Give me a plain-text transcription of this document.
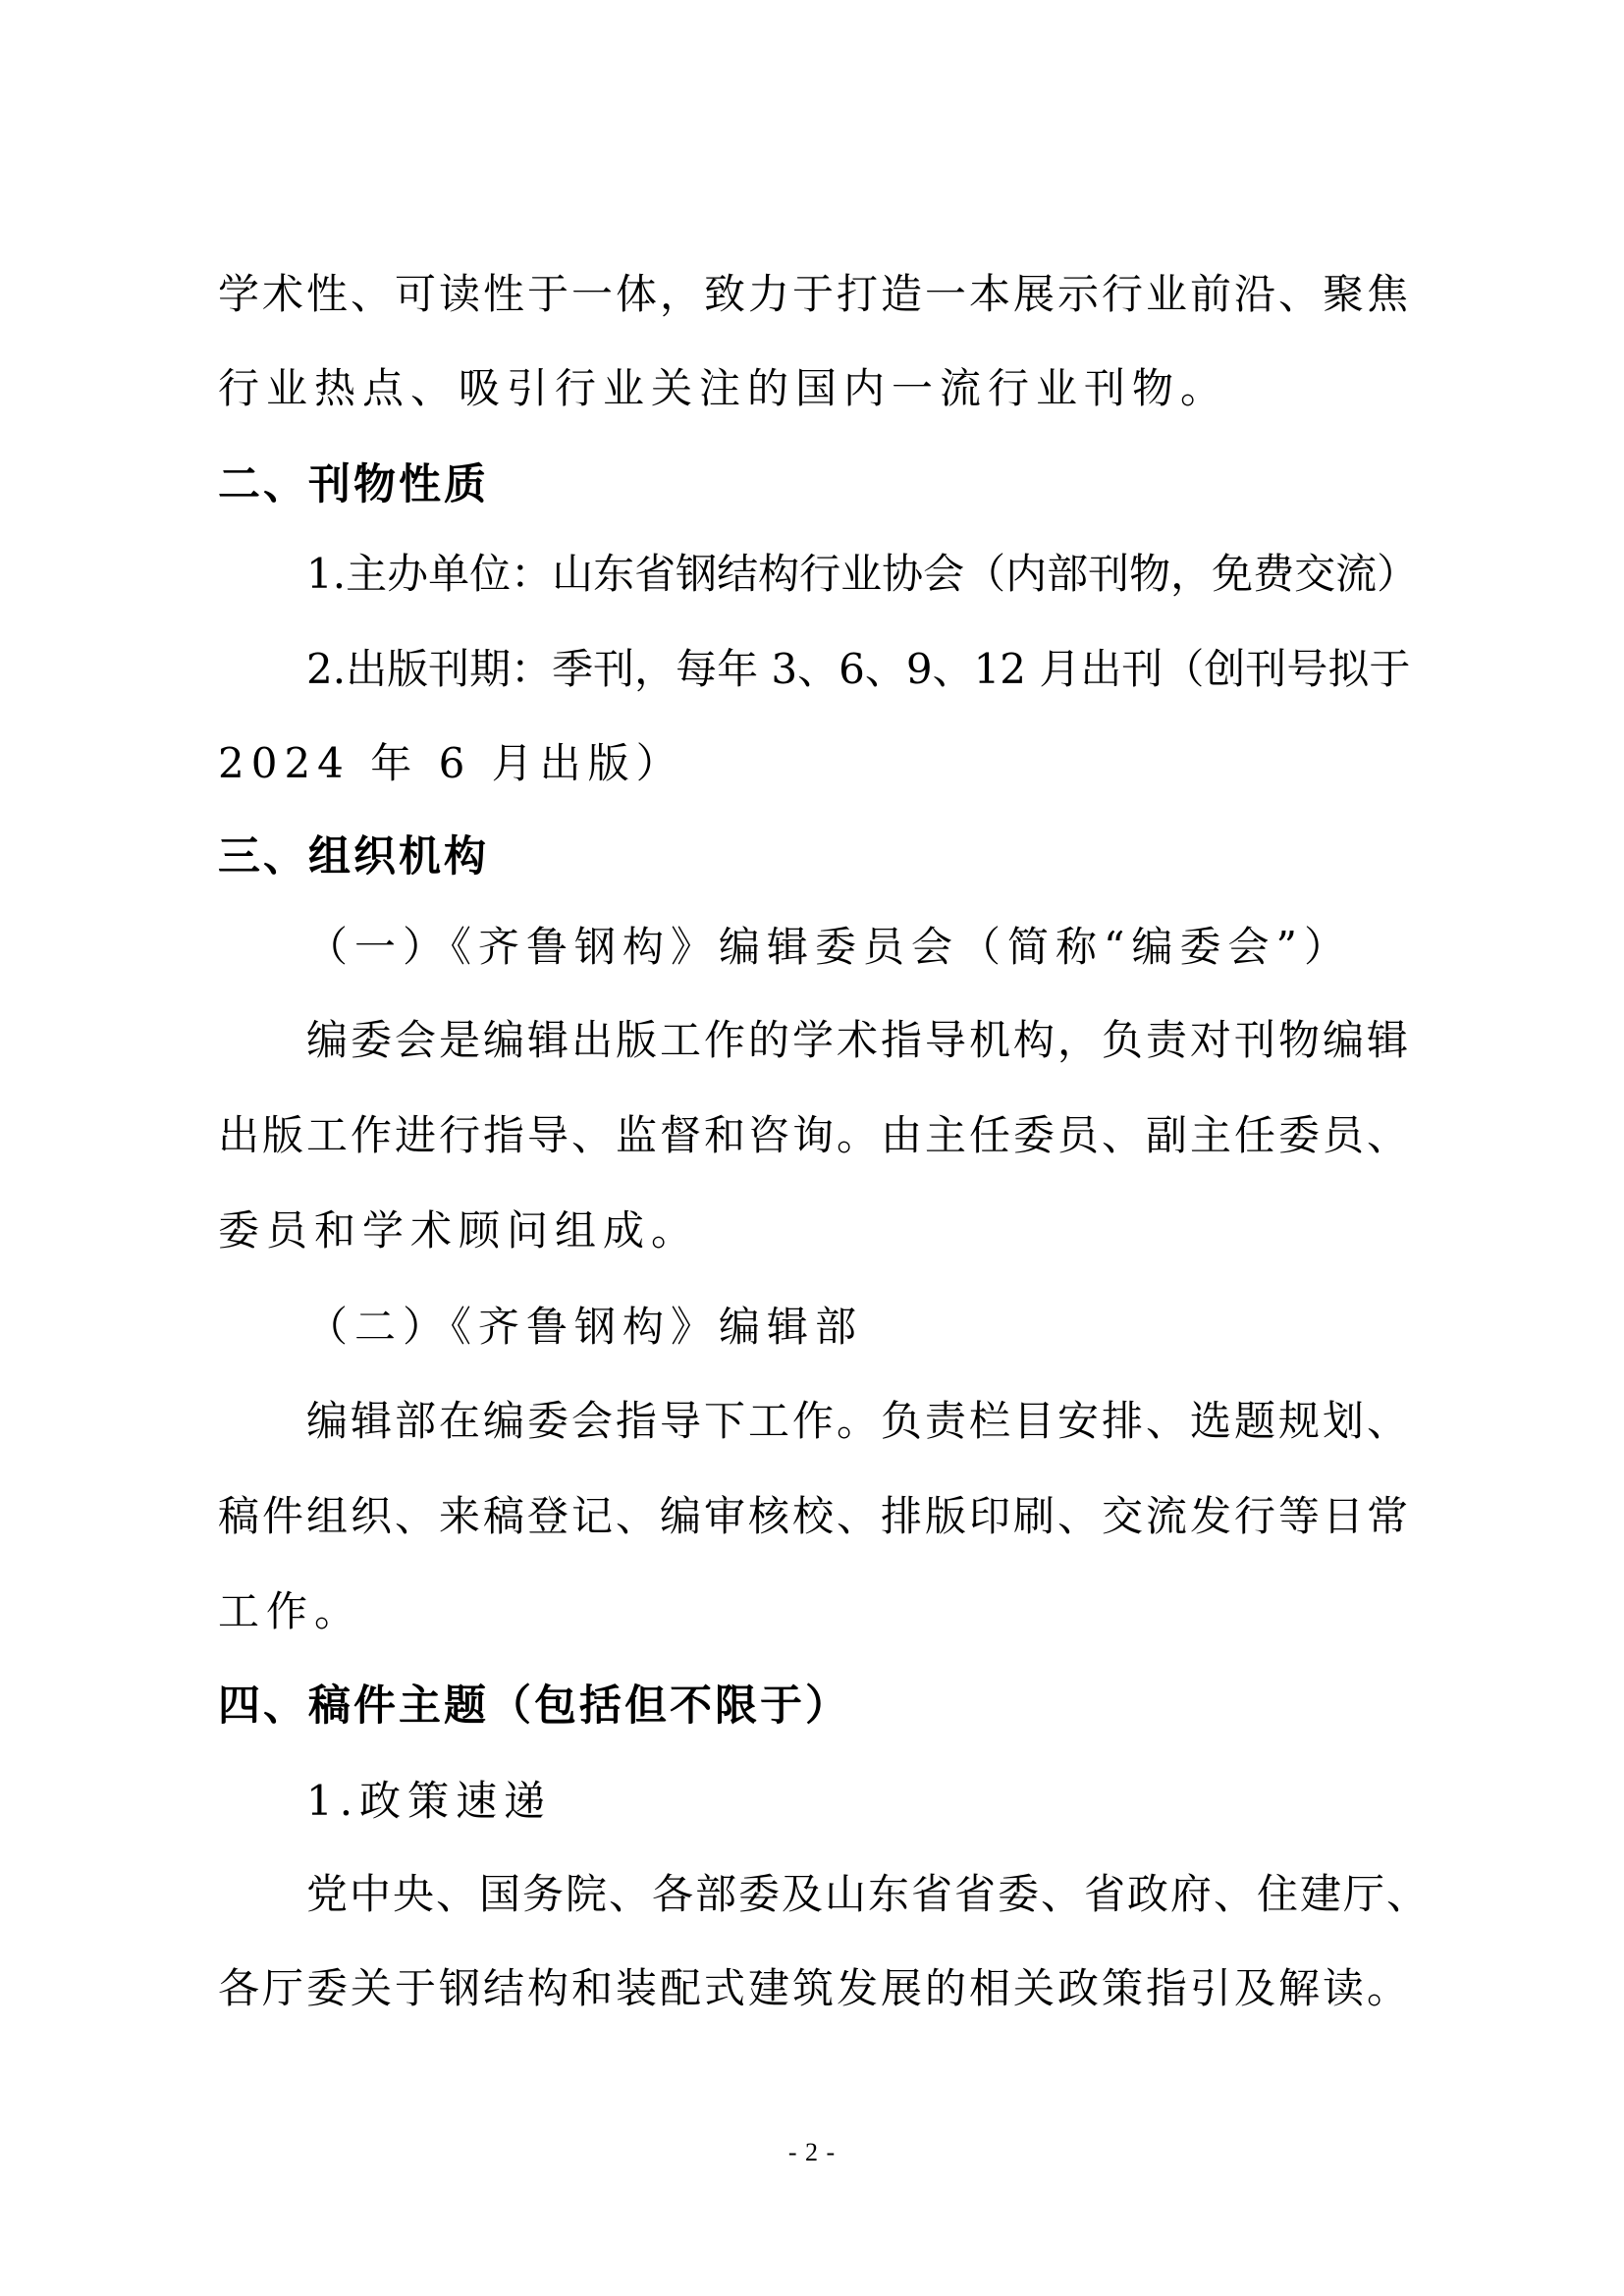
学术性、可读性于一体，致力于打造一本展示行业前沿、聚焦
行业热点、吸引行业关注的国内一流行业刊物。
二、刊物性质
1.主办单位：山东省钢结构行业协会（内部刊物，免费交流）
2.出版刊期：季刊，每年 3、6、9、12 月出刊（创刊号拟于
2024 年 6 月出版）
三、组织机构
（一）《齐鲁钢构》编辑委员会（简称“编委会”）
编委会是编辑出版工作的学术指导机构，负责对刊物编辑
出版工作进行指导、监督和咨询。由主任委员、副主任委员、
委员和学术顾问组成。
（二）《齐鲁钢构》编辑部
编辑部在编委会指导下工作。负责栏目安排、选题规划、
稿件组织、来稿登记、编审核校、排版印刷、交流发行等日常
工作。
四、稿件主题（包括但不限于）
1.政策速递
党中央、国务院、各部委及山东省省委、省政府、住建厅、
各厅委关于钢结构和装配式建筑发展的相关政策指引及解读。
- 2 -
